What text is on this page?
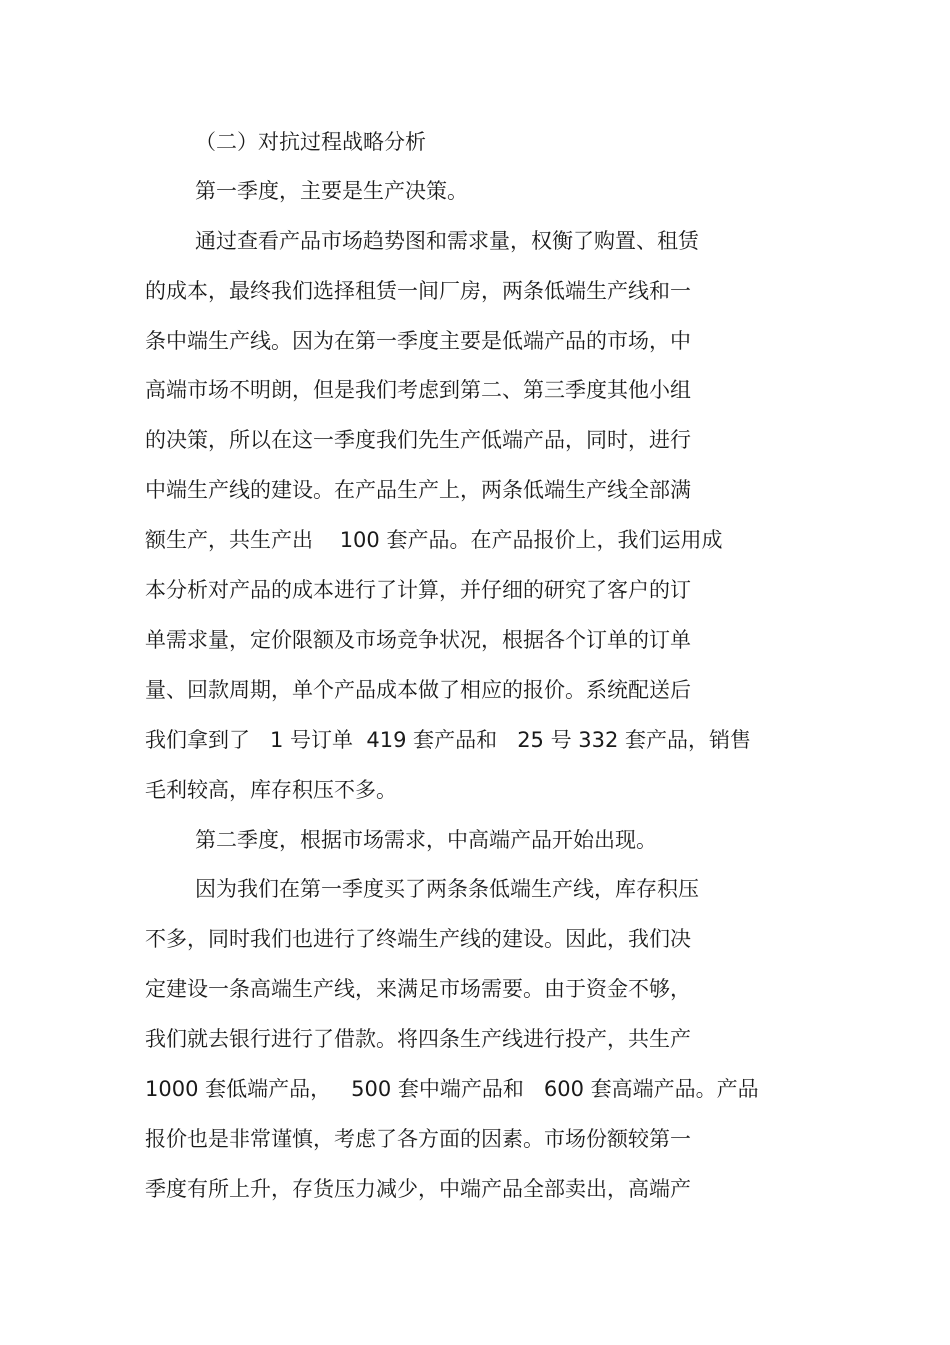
（二）对抗过程战略分析
第一季度，主要是生产决策。
通过查看产品市场趋势图和需求量，权衡了购置、租赁
的成本，最终我们选择租赁一间厂房，两条低端生产线和一
条中端生产线。因为在第一季度主要是低端产品的市场，中
高端市场不明朗，但是我们考虑到第二、第三季度其他小组
的决策，所以在这一季度我们先生产低端产品，同时，进行
中端生产线的建设。在产品生产上，两条低端生产线全部满
额生产，共生产出    100 套产品。在产品报价上，我们运用成
本分析对产品的成本进行了计算，并仔细的研究了客户的订
单需求量，定价限额及市场竞争状况，根据各个订单的订单
量、回款周期，单个产品成本做了相应的报价。系统配送后
我们拿到了   1 号订单  419 套产品和   25 号 332 套产品，销售
毛利较高，库存积压不多。
第二季度，根据市场需求，中高端产品开始出现。
因为我们在第一季度买了两条条低端生产线，库存积压
不多，同时我们也进行了终端生产线的建设。因此，我们决
定建设一条高端生产线，来满足市场需要。由于资金不够，
我们就去银行进行了借款。将四条生产线进行投产，共生产
1000 套低端产品，   500 套中端产品和   600 套高端产品。产品
报价也是非常谨慎，考虑了各方面的因素。市场份额较第一
季度有所上升，存货压力减少，中端产品全部卖出，高端产
